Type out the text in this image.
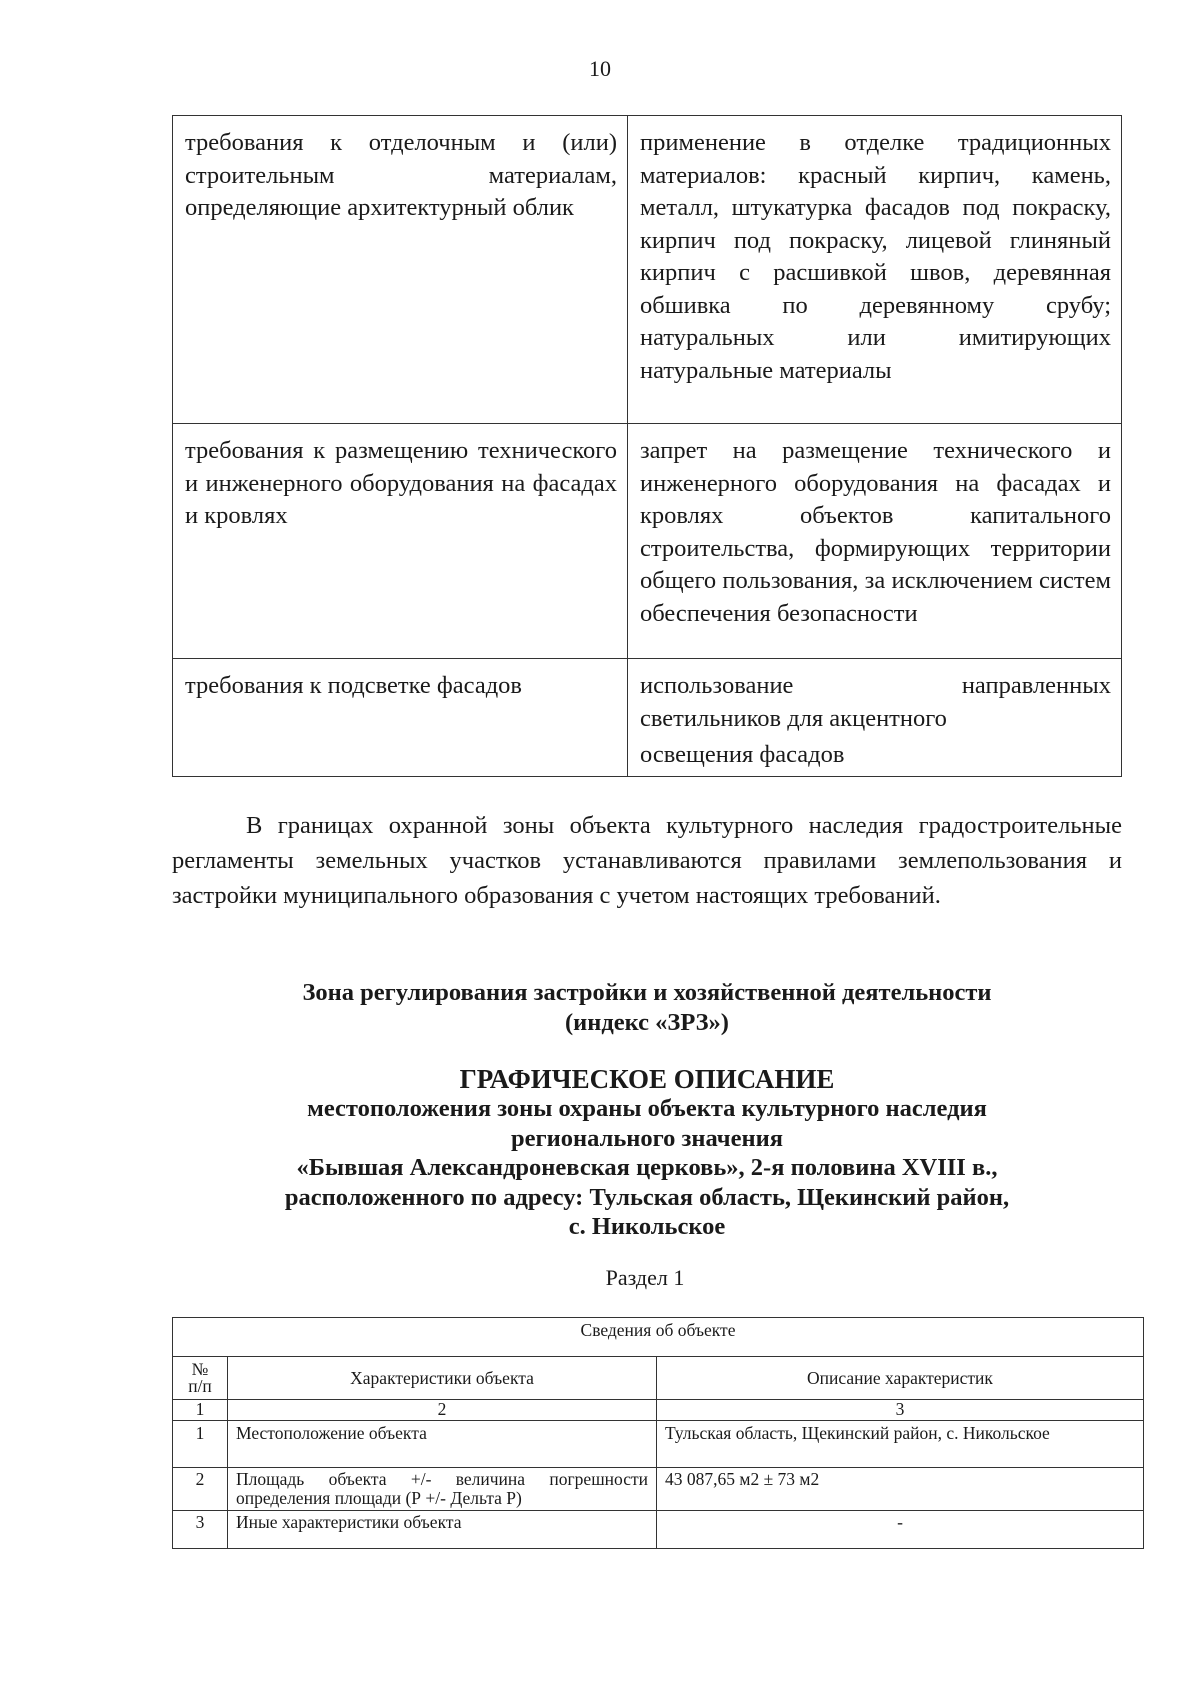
10
требования к отделочным и (или) строительным материалам, определяющие архитектурный облик	применение в отделке традиционных материалов: красный кирпич, камень, металл, штукатурка фасадов под покраску, кирпич под покраску, лицевой глиняный кирпич с расшивкой швов, деревянная обшивка по деревянному срубу; натуральных или имитирующих натуральные материалы
требования к размещению технического и инженерного оборудования на фасадах и кровлях	запрет на размещение технического и инженерного оборудования на фасадах и кровлях объектов капитального строительства, формирующих территории общего пользования, за исключением систем обеспечения безопасности
требования к подсветке фасадов	использование направленных
светильников для акцентного
освещения фасадов

В границах охранной зоны объекта культурного наследия градостроительные регламенты земельных участков устанавливаются правилами землепользования и застройки муниципального образования с учетом настоящих требований.

Зона регулирования застройки и хозяйственной деятельности
(индекс «ЗРЗ»)
ГРАФИЧЕСКОЕ ОПИСАНИЕ
местоположения зоны охраны объекта культурного наследия
регионального значения
«Бывшая Александроневская церковь», 2-я половина XVIII в.,
расположенного по адресу: Тульская область, Щекинский район,
с. Никольское
Раздел 1
Сведения об объекте		

№
п/п	Характеристики объекта	Описание характеристик
1	2	3
1	Местоположение объекта	Тульская область, Щекинский район, с. Никольское
2	Площадь объекта +/- величина погрешности определения площади (Р +/- Дельта Р)	43 087,65 м2 ± 73 м2
3	Иные характеристики объекта	-
